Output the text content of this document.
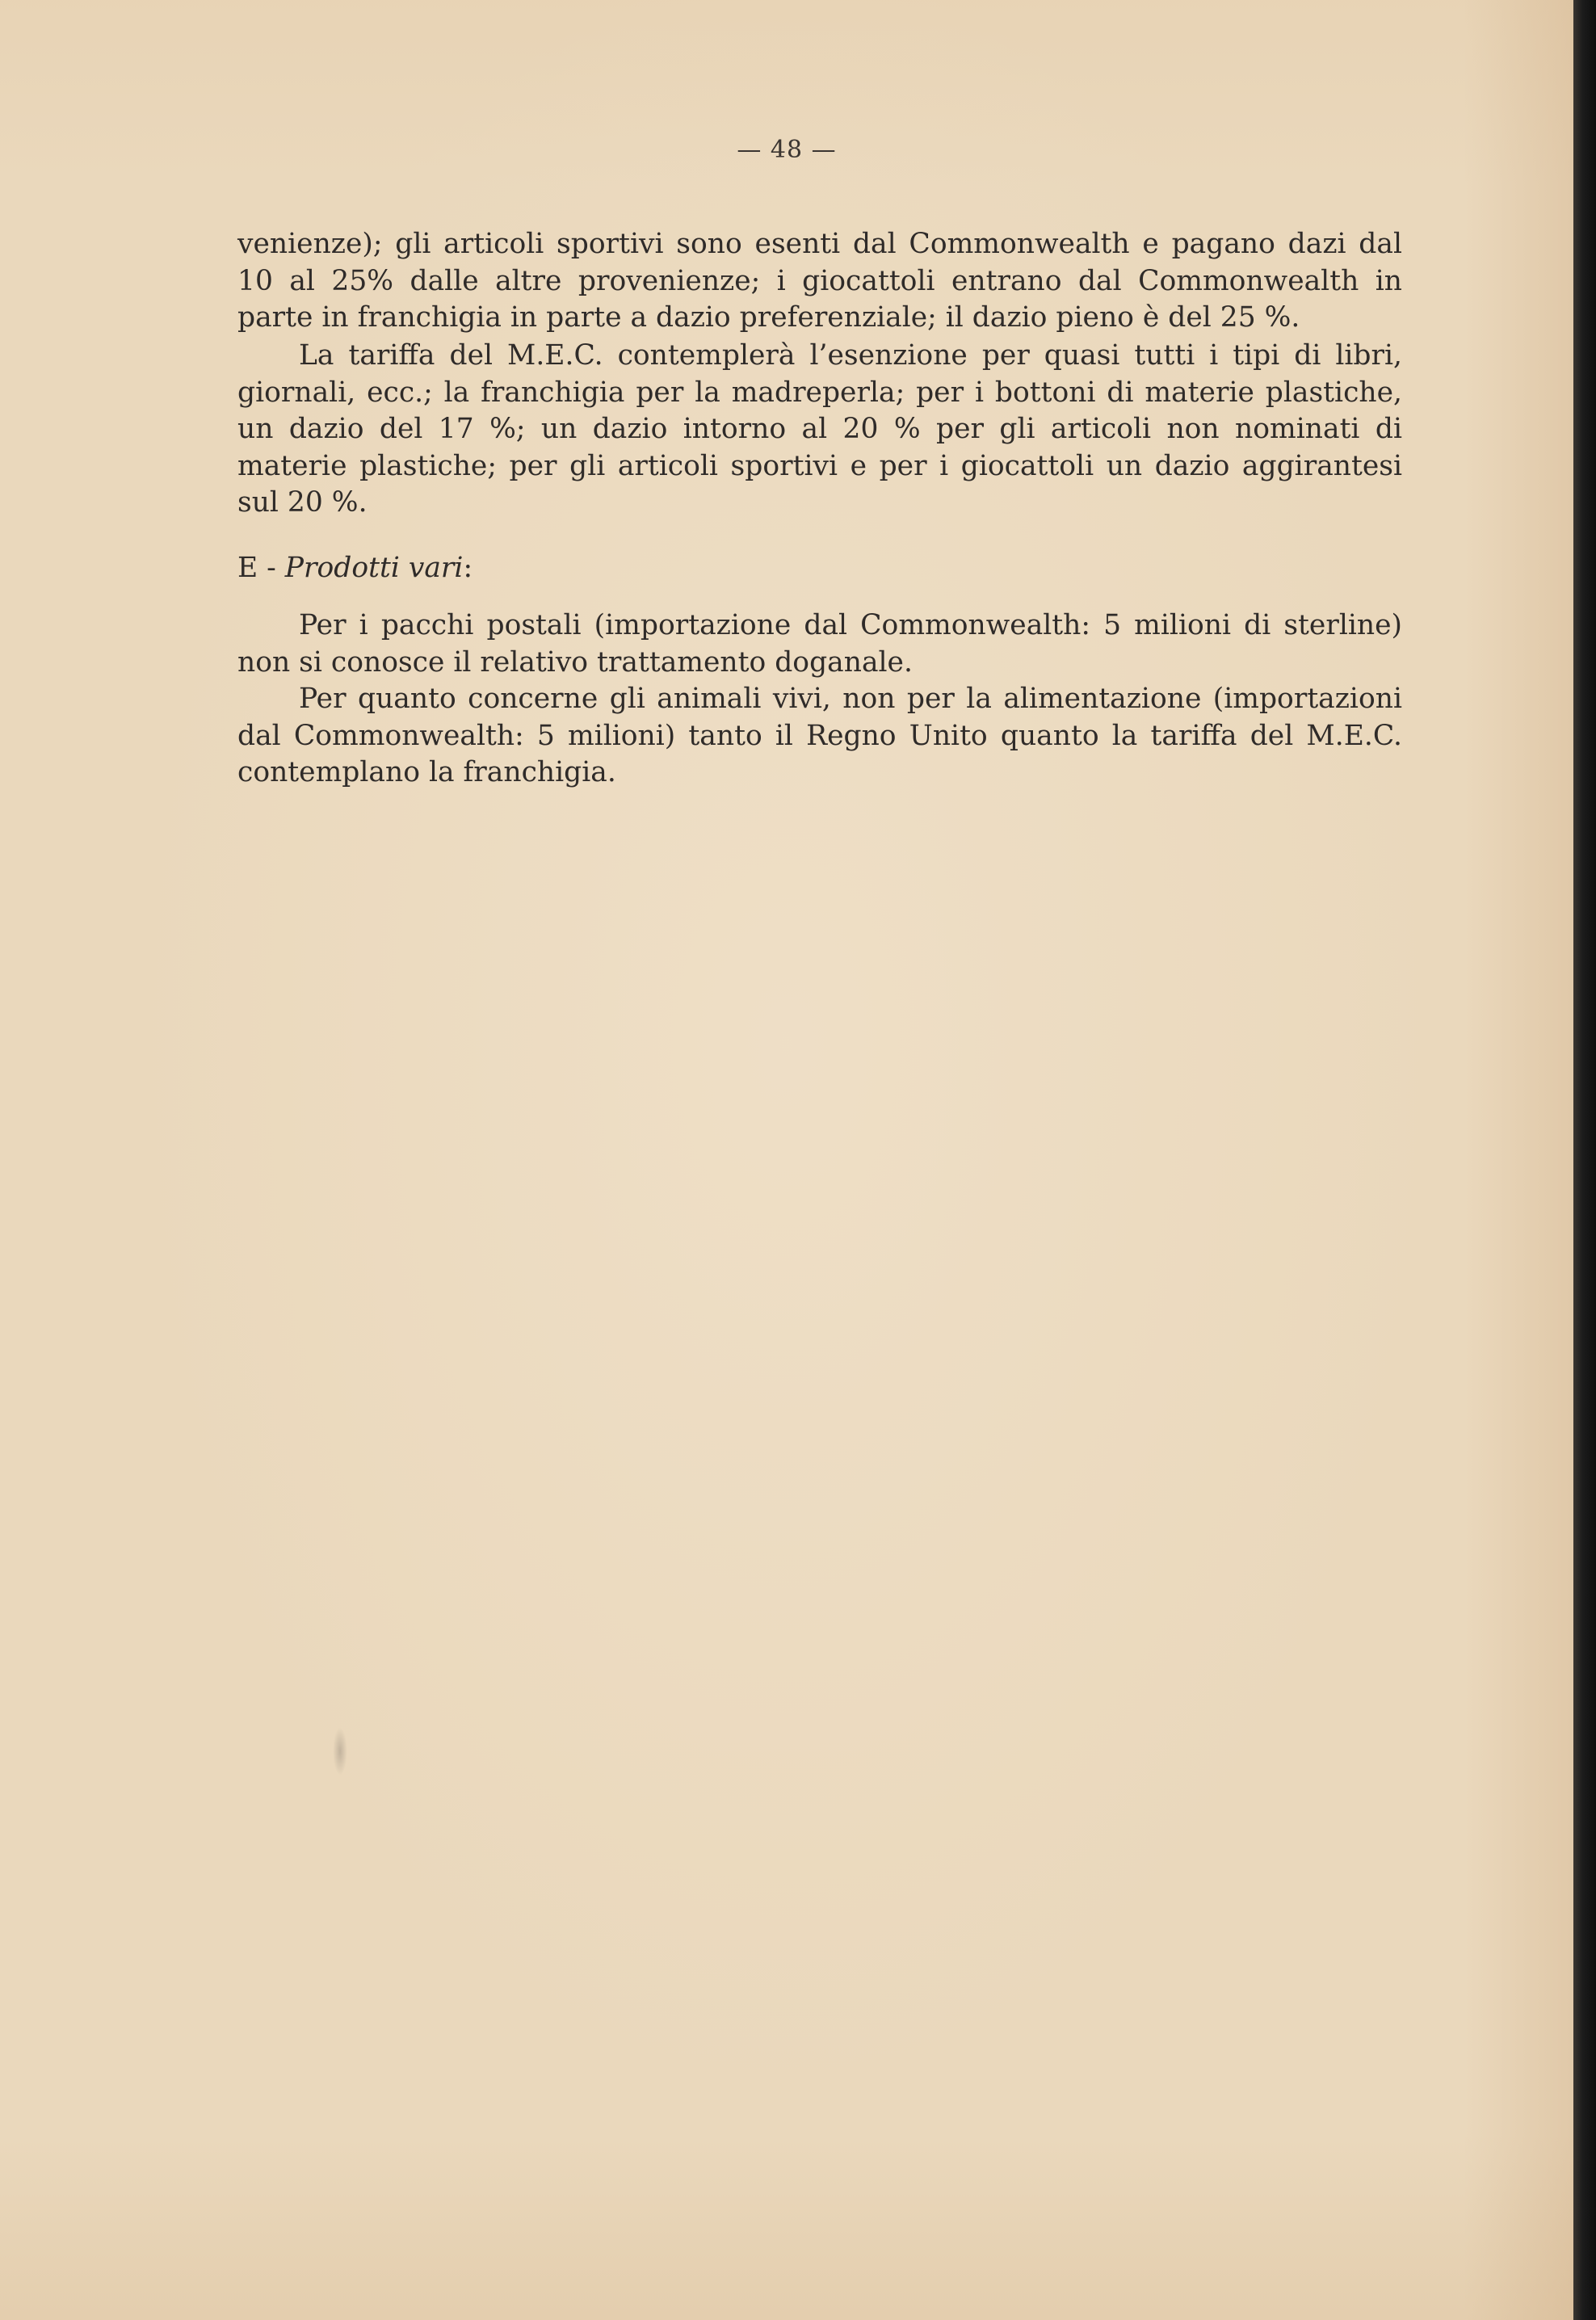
— 48 —

venienze); gli articoli sportivi sono esenti dal Commonwealth e pagano dazi dal 10 al 25% dalle altre provenienze; i giocattoli entrano dal Commonwealth in parte in franchigia in parte a dazio preferenziale; il dazio pieno è del 25 %.

La tariffa del M.E.C. contemplerà l’esenzione per quasi tutti i tipi di libri, giornali, ecc.; la franchigia per la madreperla; per i bottoni di materie plastiche, un dazio del 17 %; un dazio intorno al 20 % per gli articoli non nominati di materie plastiche; per gli articoli sportivi e per i giocattoli un dazio aggirantesi sul 20 %.

E - Prodotti vari:

Per i pacchi postali (importazione dal Commonwealth: 5 milioni di sterline) non si conosce il relativo trattamento doganale.

Per quanto concerne gli animali vivi, non per la alimentazione (importazioni dal Commonwealth: 5 milioni) tanto il Regno Unito quanto la tariffa del M.E.C. contemplano la franchigia.
